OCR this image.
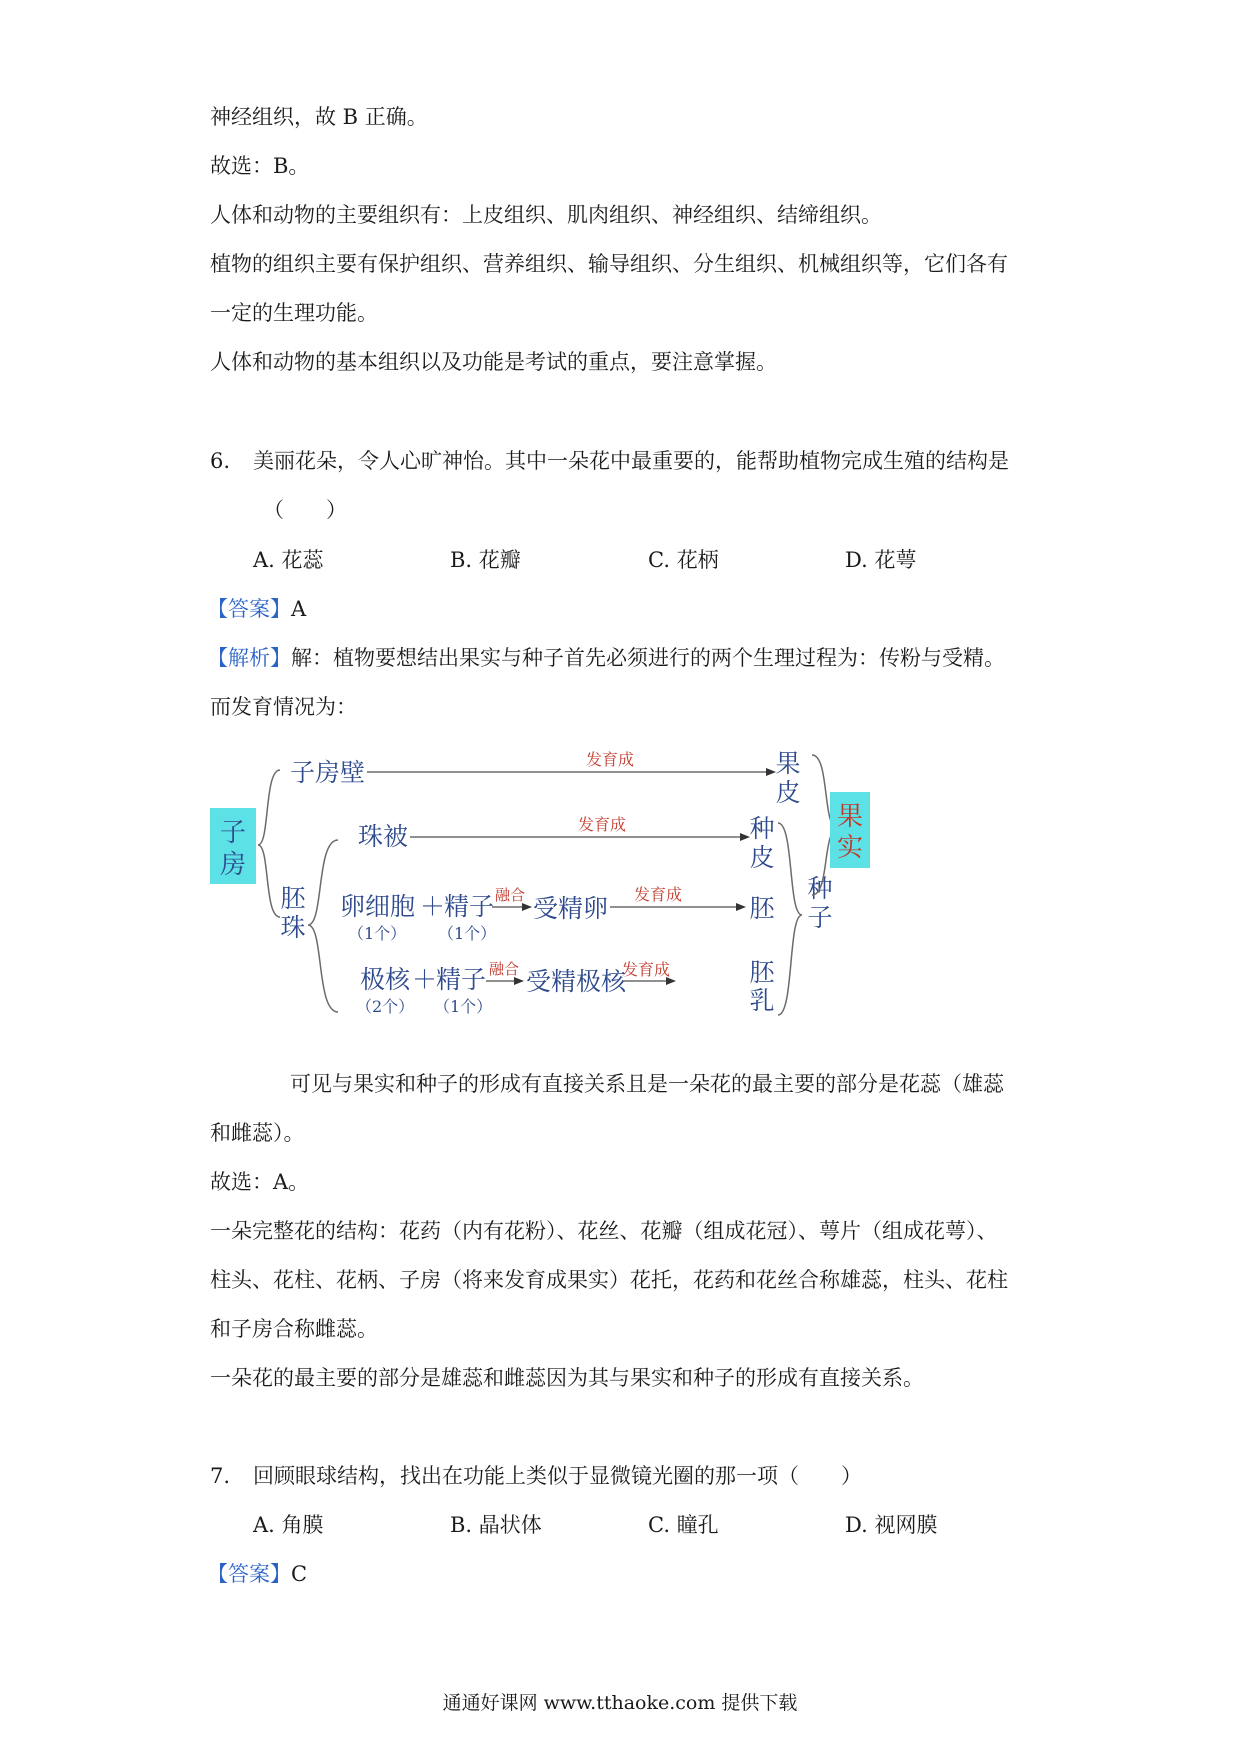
神经组织，故 B 正确。
故选：B。
人体和动物的主要组织有：上皮组织、肌肉组织、神经组织、结缔组织。
植物的组织主要有保护组织、营养组织、输导组织、分生组织、机械组织等，它们各有
一定的生理功能。
人体和动物的基本组织以及功能是考试的重点，要注意掌握。
6. 美丽花朵，令人心旷神怡。其中一朵花中最重要的，能帮助植物完成生殖的结构是
（　　）
A. 花蕊	B. 花瓣	C. 花柄	D. 花萼
【答案】A
【解析】解：植物要想结出果实与种子首先必须进行的两个生理过程为：传粉与受精。
而发育情况为：
子
房
子房壁	发育成	果
皮
胚
珠
珠被	发育成	种
皮
卵细胞 ＋
精子
（1个） （1个）
融合 受精卵 发育成	胚
极核 ＋
精子
（2个） （1个）
融合 受精极核
发育成	胚
乳
种
子
果
实
可见与果实和种子的形成有直接关系且是一朵花的最主要的部分是花蕊（雄蕊
和雌蕊）。
故选：A。
一朵完整花的结构：花药（内有花粉）、花丝、花瓣（组成花冠）、萼片（组成花萼）、
柱头、花柱、花柄、子房（将来发育成果实）花托，花药和花丝合称雄蕊，柱头、花柱
和子房合称雌蕊。
一朵花的最主要的部分是雄蕊和雌蕊因为其与果实和种子的形成有直接关系。
7. 回顾眼球结构，找出在功能上类似于显微镜光圈的那一项（　　）
A. 角膜	B. 晶状体	C. 瞳孔	D. 视网膜
【答案】C
通通好课网 www.tthaoke.com 提供下载
